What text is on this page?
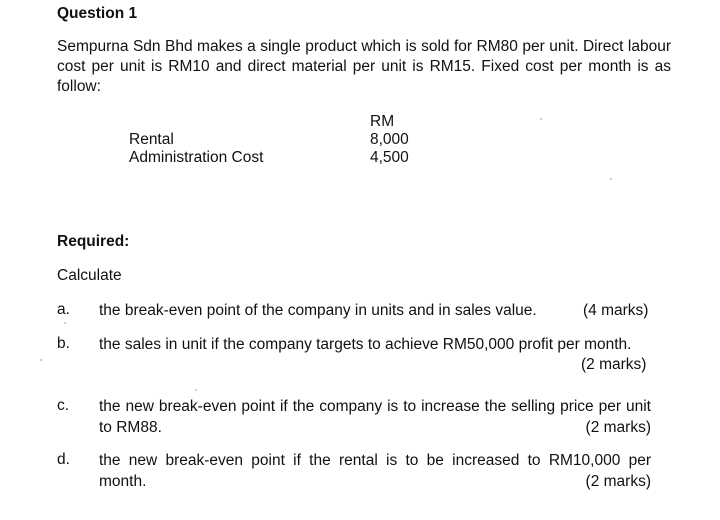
Question 1
Sempurna Sdn Bhd makes a single product which is sold for RM80 per unit. Direct labour cost per unit is RM10 and direct material per unit is RM15. Fixed cost per month is as follow:
RM
Rental	8,000
Administration Cost	4,500
Required:
Calculate
a. the break-even point of the company in units and in sales value.	(4 marks)
b. the sales in unit if the company targets to achieve RM50,000 profit per month.
(2 marks)
c. the new break-even point if the company is to increase the selling price per unit
to RM88.	(2 marks)
d. the new break-even point if the rental is to be increased to RM10,000 per
month.	(2 marks)
